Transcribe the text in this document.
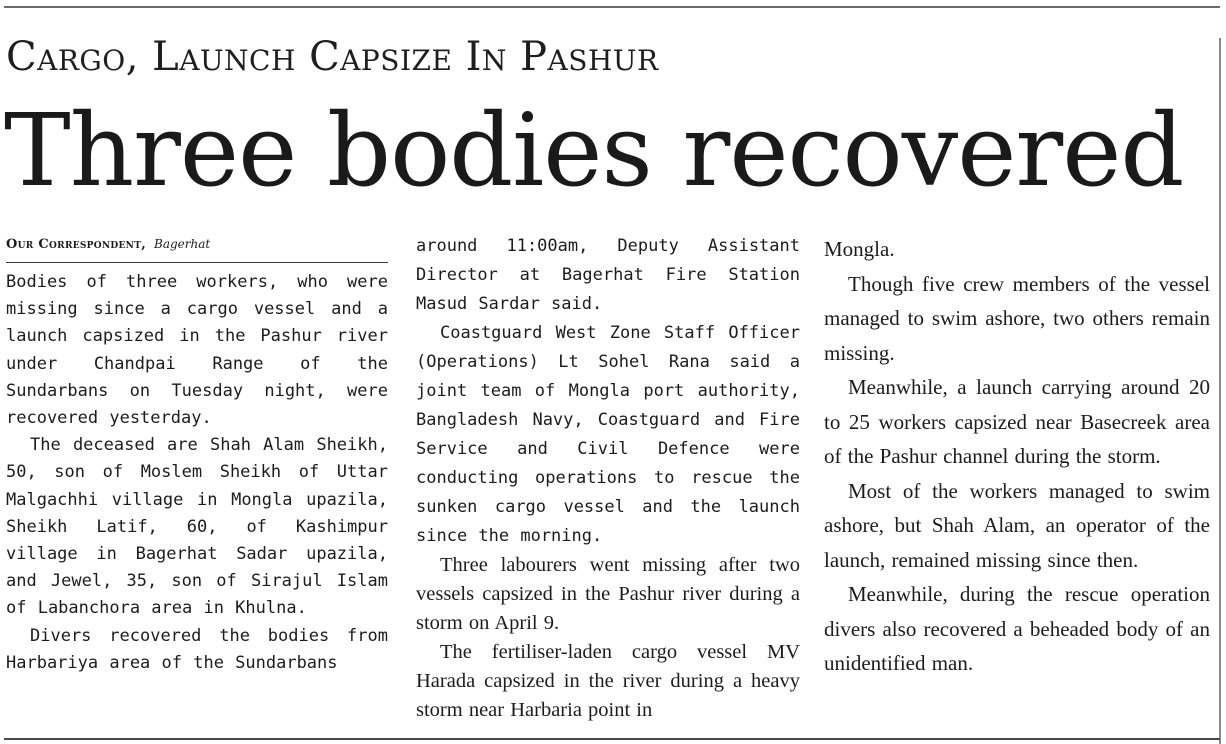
Cargo, Launch Capsize In Pashur
Three bodies recovered
Our Correspondent, Bagerhat

Bodies of three workers, who were missing since a cargo vessel and a launch capsized in the Pashur river under Chandpai Range of the Sundarbans on Tuesday night, were recovered yesterday.

The deceased are Shah Alam Sheikh, 50, son of Moslem Sheikh of Uttar Malgachhi village in Mongla upazila, Sheikh Latif, 60, of Kashimpur village in Bagerhat Sadar upazila, and Jewel, 35, son of Sirajul Islam of Labanchora area in Khulna.

Divers recovered the bodies from Harbariya area of the Sundarbans

around 11:00am, Deputy Assistant Director at Bagerhat Fire Station Masud Sardar said.

Coastguard West Zone Staff Officer (Operations) Lt Sohel Rana said a joint team of Mongla port authority, Bangladesh Navy, Coastguard and Fire Service and Civil Defence were conducting operations to rescue the sunken cargo vessel and the launch since the morning.

Three labourers went missing after two vessels capsized in the Pashur river during a storm on April 9.

The fertiliser-laden cargo vessel MV Harada capsized in the river during a heavy storm near Harbaria point in

Mongla.

Though five crew members of the vessel managed to swim ashore, two others remain missing.

Meanwhile, a launch carrying around 20 to 25 workers capsized near Basecreek area of the Pashur channel during the storm.

Most of the workers managed to swim ashore, but Shah Alam, an operator of the launch, remained missing since then.

Meanwhile, during the rescue operation divers also recovered a beheaded body of an unidentified man.
